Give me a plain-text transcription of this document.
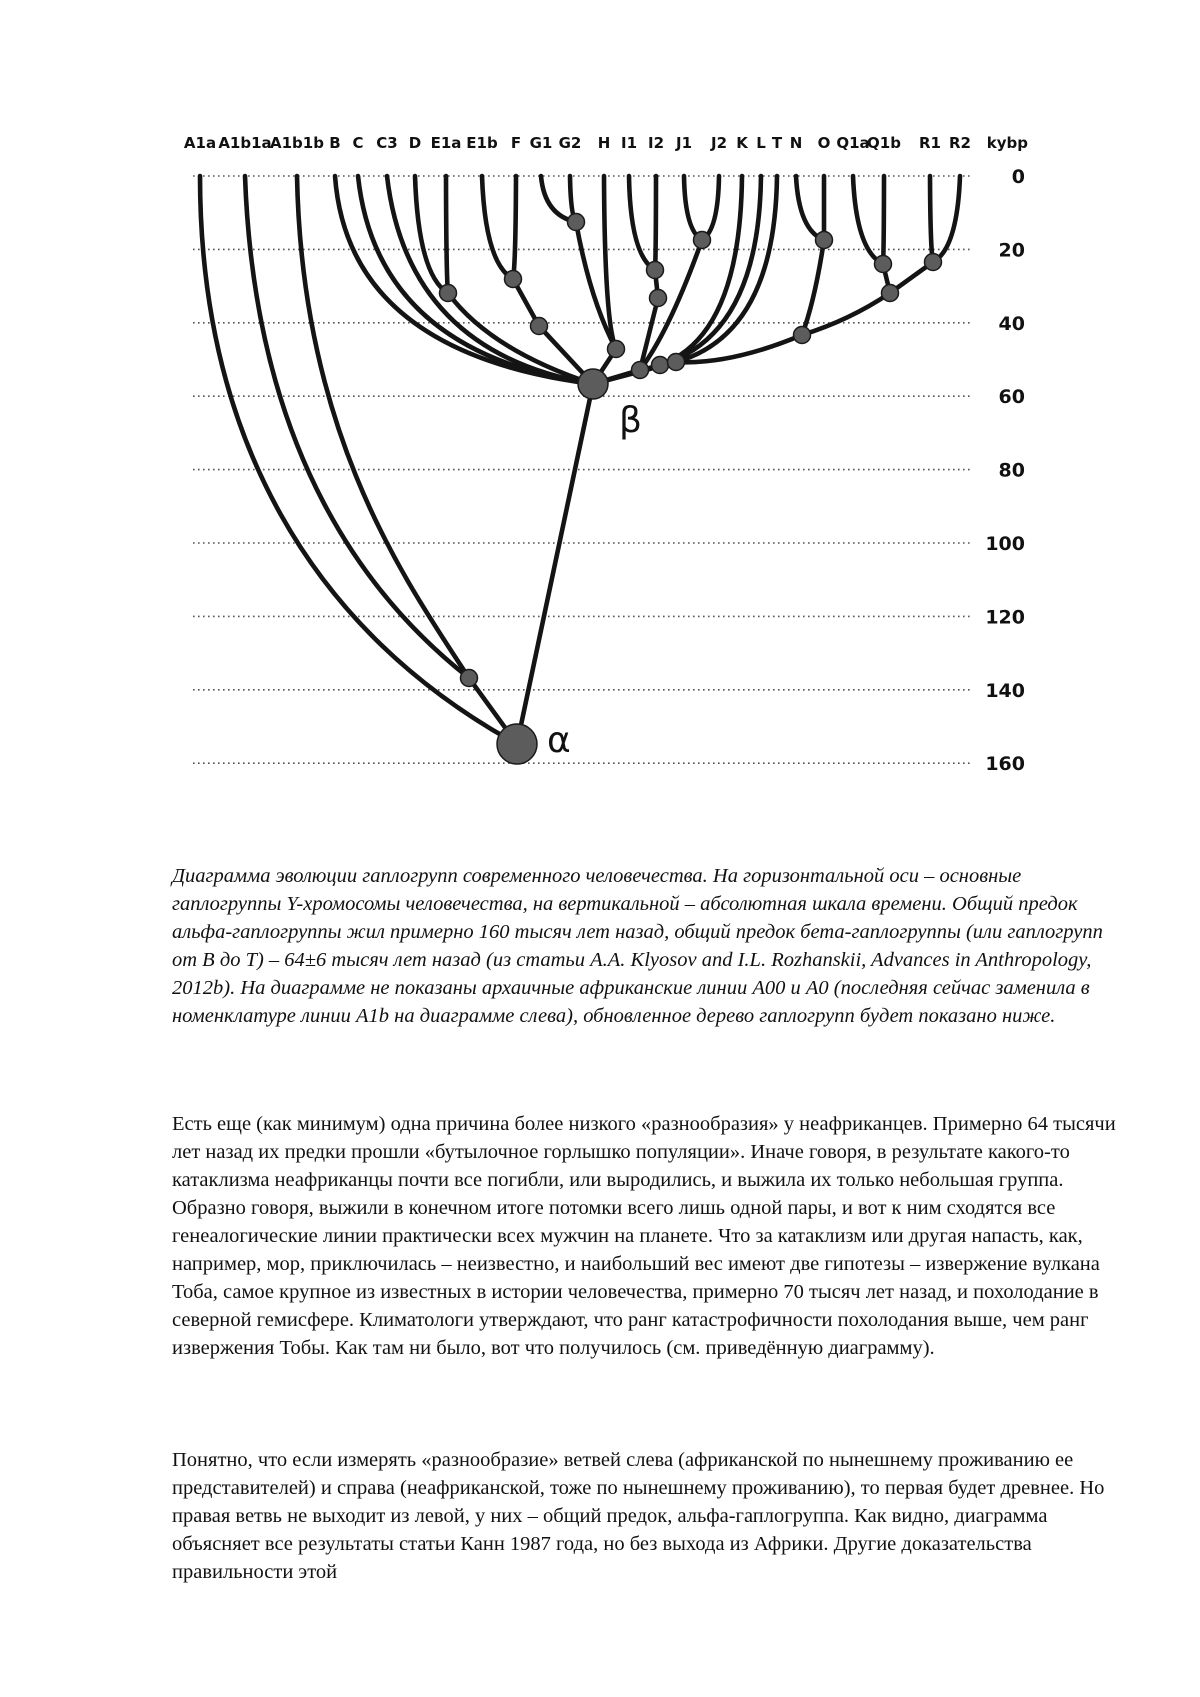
0
20
40
60
80
100
120
140
160
A1a A1b1a
A1b1b B C C3 D E1a E1b F G1 G2 H I1 I2 J1 J2 K L T N O Q1a
Q1b R1 R2 kybp
α
β

Диаграмма эволюции гаплогрупп современного человечества. На горизонтальной оси – основные гаплогруппы Y-хромосомы человечества, на вертикальной – абсолютная шкала времени. Общий предок альфа-гаплогруппы жил примерно 160 тысяч лет назад, общий предок бета-гаплогруппы (или гаплогрупп от В до Т) – 64±6 тысяч лет назад (из статьи A.A. Klyosov and I.L. Rozhanskii, Advances in Anthropology, 2012b). На диаграмме не показаны архаичные африканские линии А00 и А0 (последняя сейчас заменила в номенклатуре линии А1b на диаграмме слева), обновленное дерево гаплогрупп будет показано ниже.

Есть еще (как минимум) одна причина более низкого «разнообразия» у неафриканцев. Примерно 64 тысячи лет назад их предки прошли «бутылочное горлышко популяции». Иначе говоря, в результате какого-то катаклизма неафриканцы почти все погибли, или выродились, и выжила их только небольшая группа. Образно говоря, выжили в конечном итоге потомки всего лишь одной пары, и вот к ним сходятся все генеалогические линии практически всех мужчин на планете. Что за катаклизм или другая напасть, как, например, мор, приключилась – неизвестно, и наибольший вес имеют две гипотезы – извержение вулкана Тоба, самое крупное из известных в истории человечества, примерно 70 тысяч лет назад, и похолодание в северной гемисфере. Климатологи утверждают, что ранг катастрофичности похолодания выше, чем ранг извержения Тобы. Как там ни было, вот что получилось (см. приведённую диаграмму).

Понятно, что если измерять «разнообразие» ветвей слева (африканской по нынешнему проживанию ее представителей) и справа (неафриканской, тоже по нынешнему проживанию), то первая будет древнее. Но правая ветвь не выходит из левой, у них – общий предок, альфа-гаплогруппа. Как видно, диаграмма объясняет все результаты статьи Канн 1987 года, но без выхода из Африки. Другие доказательства правильности этой
